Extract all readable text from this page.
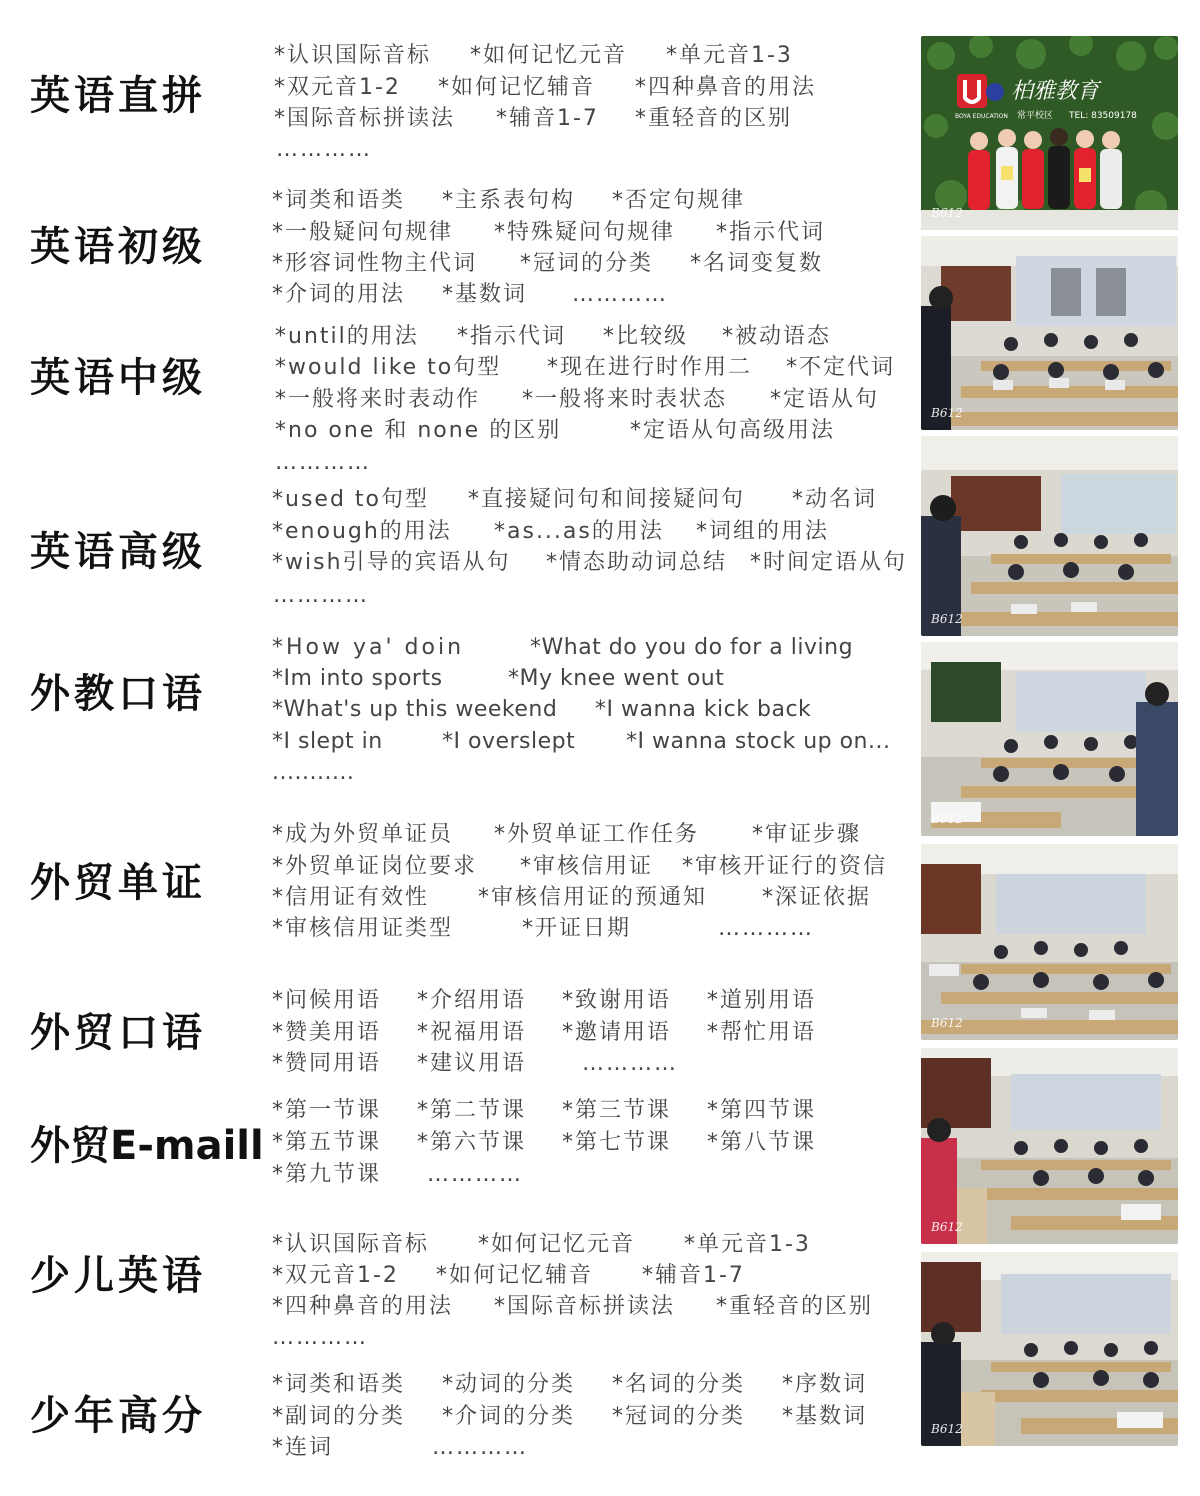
英语直拼
*认识国际音标 *如何记忆元音 *单元音1-3
*双元音1-2 *如何记忆辅音 *四种鼻音的用法
*国际音标拼读法 *辅音1-7 *重轻音的区别
…………
英语初级
*词类和语类 *主系表句构 *否定句规律
*一般疑问句规律 *特殊疑问句规律 *指示代词
*形容词性物主代词 *冠词的分类 *名词变复数
*介词的用法 *基数词 …………
英语中级
*until的用法 *指示代词 *比较级 *被动语态
*would like to句型 *现在进行时作用二 *不定代词
*一般将来时表动作 *一般将来时表状态 *定语从句
*no one 和 none 的区别	*定语从句高级用法
…………
英语高级
*used to句型 *直接疑问句和间接疑问句 *动名词
*enough的用法 *as...as的用法 *词组的用法
*wish引导的宾语从句 *情态助动词总结 *时间定语从句
…………
外教口语
*How ya' doin	*What do you do for a living
*Im into sports	*My knee went out
*What's up this weekend *I wanna kick back
*I slept in	*I overslept *I wanna stock up on...
...........
外贸单证
*成为外贸单证员 *外贸单证工作任务 *审证步骤
*外贸单证岗位要求 *审核信用证 *审核开证行的资信
*信用证有效性 *审核信用证的预通知 *深证依据
*审核信用证类型	*开证日期	…………
外贸口语
*问候用语 *介绍用语 *致谢用语 *道别用语
*赞美用语 *祝福用语 *邀请用语 *帮忙用语
*赞同用语 *建议用语	…………
外贸E-maill
*第一节课 *第二节课 *第三节课 *第四节课
*第五节课 *第六节课 *第七节课 *第八节课
*第九节课 …………
少儿英语
*认识国际音标 *如何记忆元音 *单元音1-3
*双元音1-2 *如何记忆辅音 *辅音1-7
*四种鼻音的用法 *国际音标拼读法 *重轻音的区别
…………
少年高分
*词类和语类 *动词的分类 *名词的分类 *序数词
*副词的分类 *介词的分类 *冠词的分类 *基数词
*连词	…………
柏雅教育
BOYA EDUCATION 常平校区 TEL: 83509178
B612
B612
B612
B612
B612
B612
B612
